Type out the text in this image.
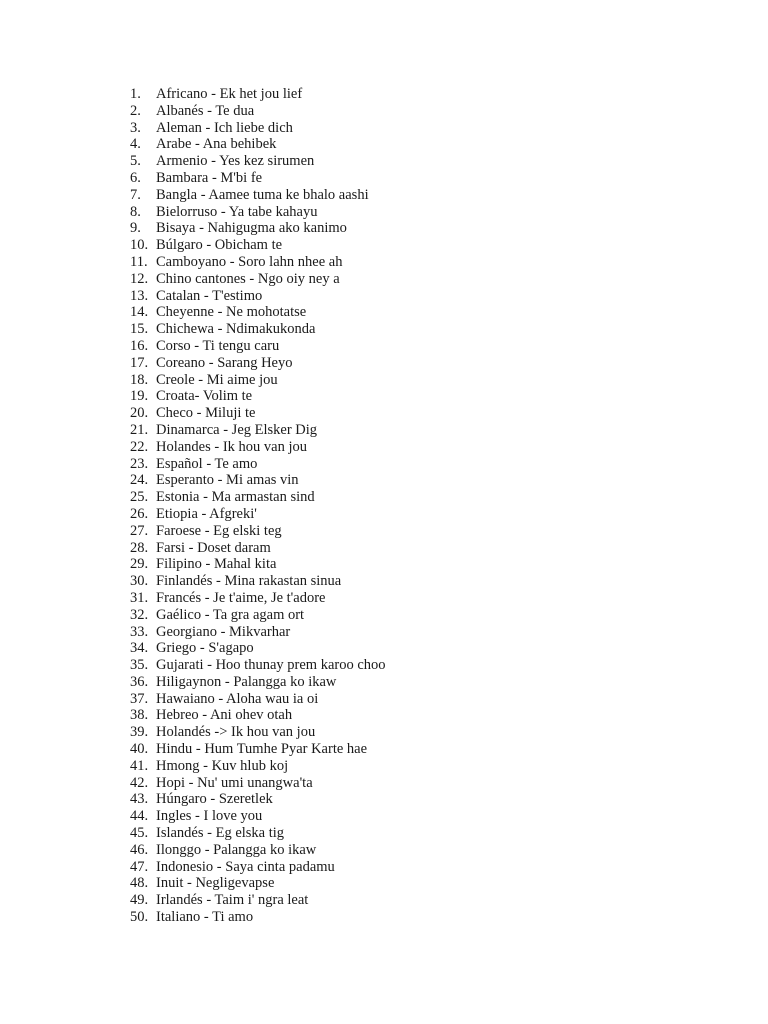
1.	Africano - Ek het jou lief
2.	Albanés - Te dua
3.	Aleman - Ich liebe dich
4.	Arabe - Ana behibek
5.	Armenio - Yes kez sirumen
6.	Bambara - M'bi fe
7.	Bangla - Aamee tuma ke bhalo aashi
8.	Bielorruso - Ya tabe kahayu
9.	Bisaya - Nahigugma ako kanimo
10. Búlgaro - Obicham te
11. Camboyano - Soro lahn nhee ah
12. Chino cantones - Ngo oiy ney a
13. Catalan - T'estimo
14. Cheyenne - Ne mohotatse
15. Chichewa - Ndimakukonda
16. Corso - Ti tengu caru
17. Coreano - Sarang Heyo
18. Creole - Mi aime jou
19. Croata- Volim te
20. Checo - Miluji te
21. Dinamarca - Jeg Elsker Dig
22. Holandes - Ik hou van jou
23. Español - Te amo
24. Esperanto - Mi amas vin
25. Estonia - Ma armastan sind
26. Etiopia - Afgreki'
27. Faroese - Eg elski teg
28. Farsi - Doset daram
29. Filipino - Mahal kita
30. Finlandés - Mina rakastan sinua
31. Francés - Je t'aime, Je t'adore
32. Gaélico - Ta gra agam ort
33. Georgiano - Mikvarhar
34. Griego - S'agapo
35. Gujarati - Hoo thunay prem karoo choo
36. Hiligaynon - Palangga ko ikaw
37. Hawaiano - Aloha wau ia oi
38. Hebreo - Ani ohev otah
39. Holandés -> Ik hou van jou
40. Hindu - Hum Tumhe Pyar Karte hae
41. Hmong - Kuv hlub koj
42. Hopi - Nu' umi unangwa'ta
43. Húngaro - Szeretlek
44. Ingles - I love you
45. Islandés - Eg elska tig
46. Ilonggo - Palangga ko ikaw
47. Indonesio - Saya cinta padamu
48. Inuit - Negligevapse
49. Irlandés - Taim i' ngra leat
50. Italiano - Ti amo
